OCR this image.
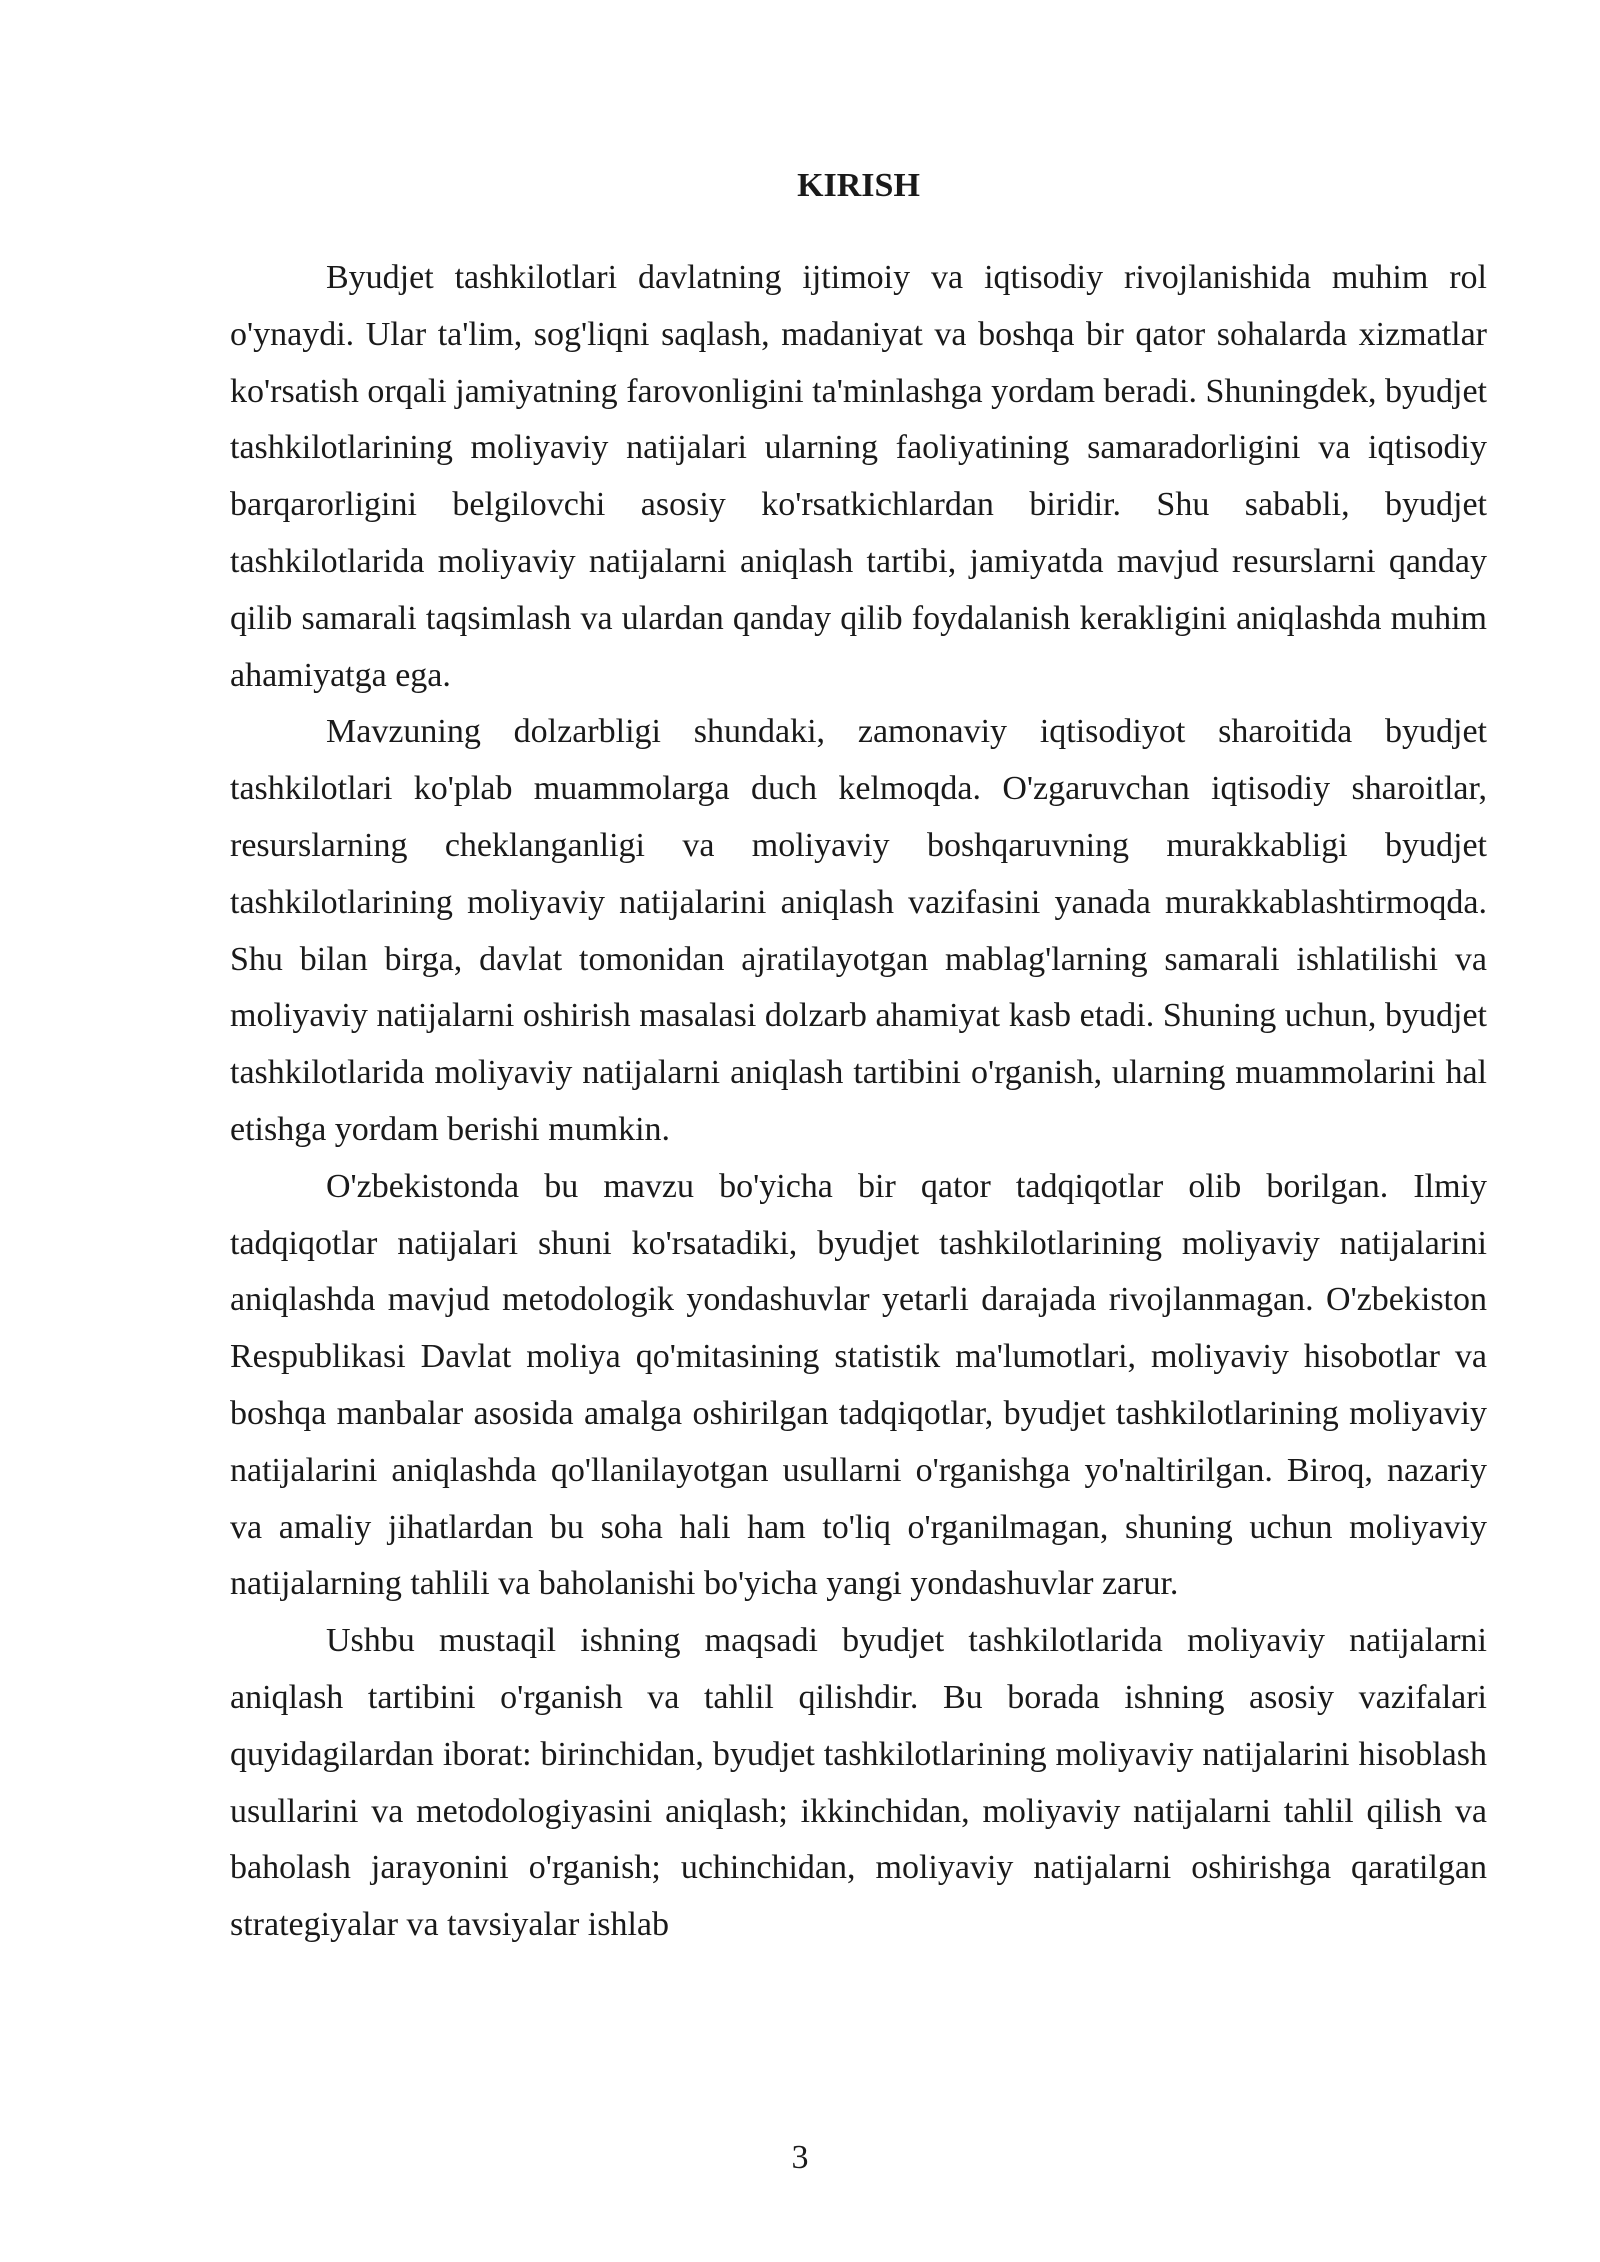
KIRISH

Byudjet tashkilotlari davlatning ijtimoiy va iqtisodiy rivojlanishida muhim rol o'ynaydi. Ular ta'lim, sog'liqni saqlash, madaniyat va boshqa bir qator sohalarda xizmatlar ko'rsatish orqali jamiyatning farovonligini ta'minlashga yordam beradi. Shuningdek, byudjet tashkilotlarining moliyaviy natijalari ularning faoliyatining samaradorligini va iqtisodiy barqarorligini belgilovchi asosiy ko'rsatkichlardan biridir. Shu sababli, byudjet tashkilotlarida moliyaviy natijalarni aniqlash tartibi, jamiyatda mavjud resurslarni qanday qilib samarali taqsimlash va ulardan qanday qilib foydalanish kerakligini aniqlashda muhim ahamiyatga ega.

Mavzuning dolzarbligi shundaki, zamonaviy iqtisodiyot sharoitida byudjet tashkilotlari ko'plab muammolarga duch kelmoqda. O'zgaruvchan iqtisodiy sharoitlar, resurslarning cheklanganligi va moliyaviy boshqaruvning murakkabligi byudjet tashkilotlarining moliyaviy natijalarini aniqlash vazifasini yanada murakkablashtirmoqda. Shu bilan birga, davlat tomonidan ajratilayotgan mablag'larning samarali ishlatilishi va moliyaviy natijalarni oshirish masalasi dolzarb ahamiyat kasb etadi. Shuning uchun, byudjet tashkilotlarida moliyaviy natijalarni aniqlash tartibini o'rganish, ularning muammolarini hal etishga yordam berishi mumkin.

O'zbekistonda bu mavzu bo'yicha bir qator tadqiqotlar olib borilgan. Ilmiy tadqiqotlar natijalari shuni ko'rsatadiki, byudjet tashkilotlarining moliyaviy natijalarini aniqlashda mavjud metodologik yondashuvlar yetarli darajada rivojlanmagan. O'zbekiston Respublikasi Davlat moliya qo'mitasining statistik ma'lumotlari, moliyaviy hisobotlar va boshqa manbalar asosida amalga oshirilgan tadqiqotlar, byudjet tashkilotlarining moliyaviy natijalarini aniqlashda qo'llanilayotgan usullarni o'rganishga yo'naltirilgan. Biroq, nazariy va amaliy jihatlardan bu soha hali ham to'liq o'rganilmagan, shuning uchun moliyaviy natijalarning tahlili va baholanishi bo'yicha yangi yondashuvlar zarur.

Ushbu mustaqil ishning maqsadi byudjet tashkilotlarida moliyaviy natijalarni aniqlash tartibini o'rganish va tahlil qilishdir. Bu borada ishning asosiy vazifalari quyidagilardan iborat: birinchidan, byudjet tashkilotlarining moliyaviy natijalarini hisoblash usullarini va metodologiyasini aniqlash; ikkinchidan, moliyaviy natijalarni tahlil qilish va baholash jarayonini o'rganish; uchinchidan, moliyaviy natijalarni oshirishga qaratilgan strategiyalar va tavsiyalar ishlab

3
